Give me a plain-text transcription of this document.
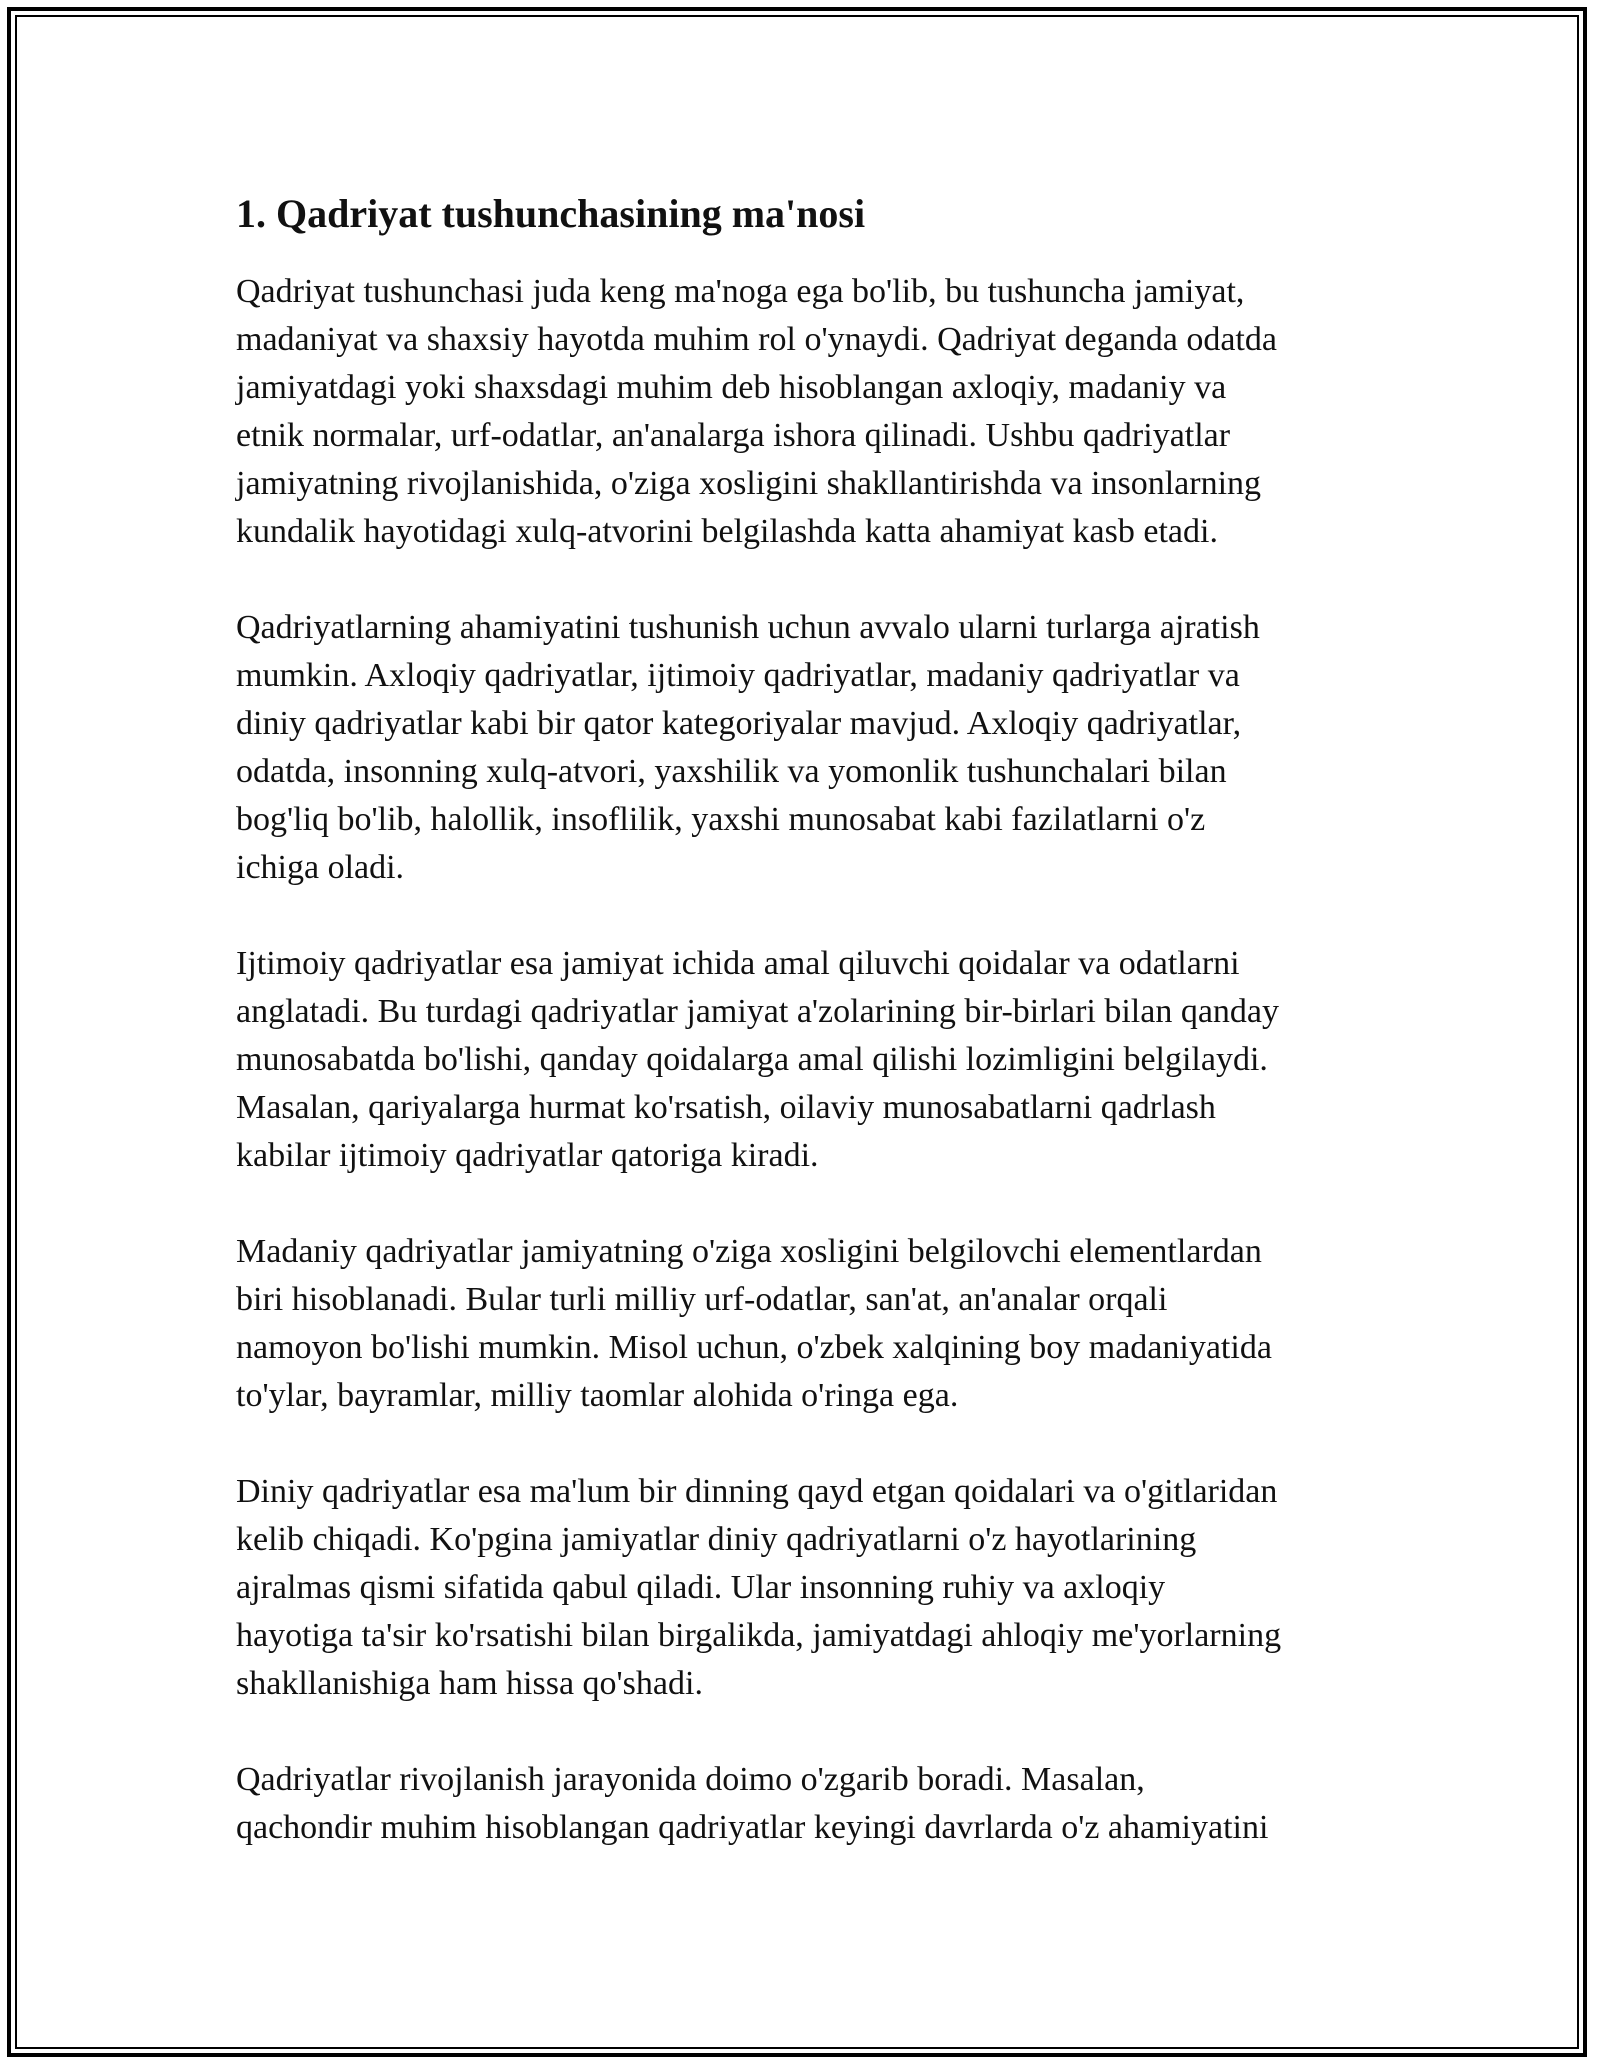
1. Qadriyat tushunchasining ma'nosi

Qadriyat tushunchasi juda keng ma'noga ega bo'lib, bu tushuncha jamiyat,
madaniyat va shaxsiy hayotda muhim rol o'ynaydi. Qadriyat deganda odatda
jamiyatdagi yoki shaxsdagi muhim deb hisoblangan axloqiy, madaniy va
etnik normalar, urf-odatlar, an'analarga ishora qilinadi. Ushbu qadriyatlar
jamiyatning rivojlanishida, o'ziga xosligini shakllantirishda va insonlarning
kundalik hayotidagi xulq-atvorini belgilashda katta ahamiyat kasb etadi.

Qadriyatlarning ahamiyatini tushunish uchun avvalo ularni turlarga ajratish
mumkin. Axloqiy qadriyatlar, ijtimoiy qadriyatlar, madaniy qadriyatlar va
diniy qadriyatlar kabi bir qator kategoriyalar mavjud. Axloqiy qadriyatlar,
odatda, insonning xulq-atvori, yaxshilik va yomonlik tushunchalari bilan
bog'liq bo'lib, halollik, insoflilik, yaxshi munosabat kabi fazilatlarni o'z
ichiga oladi.

Ijtimoiy qadriyatlar esa jamiyat ichida amal qiluvchi qoidalar va odatlarni
anglatadi. Bu turdagi qadriyatlar jamiyat a'zolarining bir-birlari bilan qanday
munosabatda bo'lishi, qanday qoidalarga amal qilishi lozimligini belgilaydi.
Masalan, qariyalarga hurmat ko'rsatish, oilaviy munosabatlarni qadrlash
kabilar ijtimoiy qadriyatlar qatoriga kiradi.

Madaniy qadriyatlar jamiyatning o'ziga xosligini belgilovchi elementlardan
biri hisoblanadi. Bular turli milliy urf-odatlar, san'at, an'analar orqali
namoyon bo'lishi mumkin. Misol uchun, o'zbek xalqining boy madaniyatida
to'ylar, bayramlar, milliy taomlar alohida o'ringa ega.

Diniy qadriyatlar esa ma'lum bir dinning qayd etgan qoidalari va o'gitlaridan
kelib chiqadi. Ko'pgina jamiyatlar diniy qadriyatlarni o'z hayotlarining
ajralmas qismi sifatida qabul qiladi. Ular insonning ruhiy va axloqiy
hayotiga ta'sir ko'rsatishi bilan birgalikda, jamiyatdagi ahloqiy me'yorlarning
shakllanishiga ham hissa qo'shadi.

Qadriyatlar rivojlanish jarayonida doimo o'zgarib boradi. Masalan,
qachondir muhim hisoblangan qadriyatlar keyingi davrlarda o'z ahamiyatini
